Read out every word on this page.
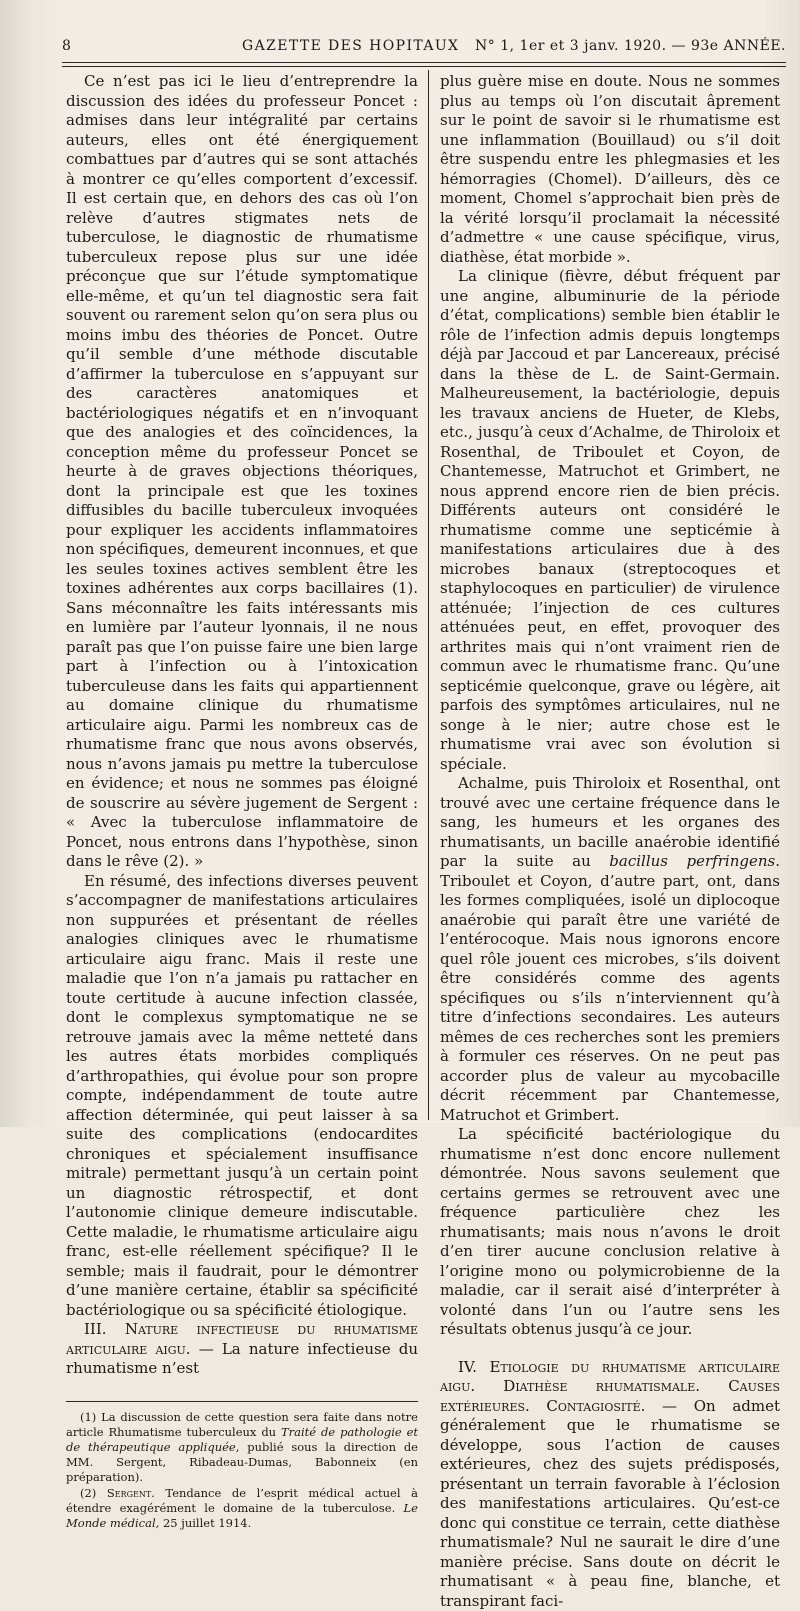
8	GAZETTE DES HOPITAUX N° 1, 1er et 3 janv. 1920. — 93e ANNÉE.

Ce n’est pas ici le lieu d’entreprendre la discussion des idées du professeur Poncet : admises dans leur intégralité par certains auteurs, elles ont été énergiquement combattues par d’autres qui se sont attachés à montrer ce qu’elles comportent d’excessif. Il est certain que, en dehors des cas où l’on relève d’autres stigmates nets de tuberculose, le diagnostic de rhumatisme tuberculeux repose plus sur une idée préconçue que sur l’étude symptomatique elle-même, et qu’un tel diagnostic sera fait souvent ou rarement selon qu’on sera plus ou moins imbu des théories de Poncet. Outre qu’il semble d’une méthode discutable d’affirmer la tuberculose en s’appuyant sur des caractères anatomiques et bactériologiques négatifs et en n’invoquant que des analogies et des coïncidences, la conception même du professeur Poncet se heurte à de graves objections théoriques, dont la principale est que les toxines diffusibles du bacille tuberculeux invoquées pour expliquer les accidents inflammatoires non spécifiques, demeurent inconnues, et que les seules toxines actives semblent être les toxines adhérentes aux corps bacillaires (1). Sans méconnaître les faits intéressants mis en lumière par l’auteur lyonnais, il ne nous paraît pas que l’on puisse faire une bien large part à l’infection ou à l’intoxication tuberculeuse dans les faits qui appartiennent au domaine clinique du rhumatisme articulaire aigu. Parmi les nombreux cas de rhumatisme franc que nous avons observés, nous n’avons jamais pu mettre la tuberculose en évidence; et nous ne sommes pas éloigné de souscrire au sévère jugement de Sergent : « Avec la tuberculose inflammatoire de Poncet, nous entrons dans l’hypothèse, sinon dans le rêve (2). »

En résumé, des infections diverses peuvent s’accompagner de manifestations articulaires non suppurées et présentant de réelles analogies cliniques avec le rhumatisme articulaire aigu franc. Mais il reste une maladie que l’on n’a jamais pu rattacher en toute certitude à aucune infection classée, dont le complexus symptomatique ne se retrouve jamais avec la même netteté dans les autres états morbides compliqués d’arthropathies, qui évolue pour son propre compte, indépendamment de toute autre affection déterminée, qui peut laisser à sa suite des complications (endocardites chroniques et spécialement insuffisance mitrale) permettant jusqu’à un certain point un diagnostic rétrospectif, et dont l’autonomie clinique demeure indiscutable. Cette maladie, le rhumatisme articulaire aigu franc, est-elle réellement spécifique? Il le semble; mais il faudrait, pour le démontrer d’une manière certaine, établir sa spécificité bactériologique ou sa spécificité étiologique.

III. Nature infectieuse du rhumatisme articulaire aigu. — La nature infectieuse du rhumatisme n’est

(1) La discussion de cette question sera faite dans notre article Rhumatisme tuberculeux du Traité de pathologie et de thérapeutique appliquée, publié sous la direction de MM. Sergent, Ribadeau-Dumas, Babonneix (en préparation).

(2) Sergent. Tendance de l’esprit médical actuel à étendre exagérément le domaine de la tuberculose. Le Monde médical, 25 juillet 1914.

plus guère mise en doute. Nous ne sommes plus au temps où l’on discutait âprement sur le point de savoir si le rhumatisme est une inflammation (Bouillaud) ou s’il doit être suspendu entre les phlegmasies et les hémorragies (Chomel). D’ailleurs, dès ce moment, Chomel s’approchait bien près de la vérité lorsqu’il proclamait la nécessité d’admettre « une cause spécifique, virus, diathèse, état morbide ».

La clinique (fièvre, début fréquent par une angine, albuminurie de la période d’état, complications) semble bien établir le rôle de l’infection admis depuis longtemps déjà par Jaccoud et par Lancereaux, précisé dans la thèse de L. de Saint-Germain. Malheureusement, la bactériologie, depuis les travaux anciens de Hueter, de Klebs, etc., jusqu’à ceux d’Achalme, de Thiroloix et Rosenthal, de Triboulet et Coyon, de Chantemesse, Matruchot et Grimbert, ne nous apprend encore rien de bien précis. Différents auteurs ont considéré le rhumatisme comme une septicémie à manifestations articulaires due à des microbes banaux (streptocoques et staphylocoques en particulier) de virulence atténuée; l’injection de ces cultures atténuées peut, en effet, provoquer des arthrites mais qui n’ont vraiment rien de commun avec le rhumatisme franc. Qu’une septicémie quelconque, grave ou légère, ait parfois des symptômes articulaires, nul ne songe à le nier; autre chose est le rhumatisme vrai avec son évolution si spéciale.

Achalme, puis Thiroloix et Rosenthal, ont trouvé avec une certaine fréquence dans le sang, les humeurs et les organes des rhumatisants, un bacille anaérobie identifié par la suite au bacillus perfringens. Triboulet et Coyon, d’autre part, ont, dans les formes compliquées, isolé un diplocoque anaérobie qui paraît être une variété de l’entérocoque. Mais nous ignorons encore quel rôle jouent ces microbes, s’ils doivent être considérés comme des agents spécifiques ou s’ils n’interviennent qu’à titre d’infections secondaires. Les auteurs mêmes de ces recherches sont les premiers à formuler ces réserves. On ne peut pas accorder plus de valeur au mycobacille décrit récemment par Chantemesse, Matruchot et Grimbert.

La spécificité bactériologique du rhumatisme n’est donc encore nullement démontrée. Nous savons seulement que certains germes se retrouvent avec une fréquence particulière chez les rhumatisants; mais nous n’avons le droit d’en tirer aucune conclusion relative à l’origine mono ou polymicrobienne de la maladie, car il serait aisé d’interpréter à volonté dans l’un ou l’autre sens les résultats obtenus jusqu’à ce jour.

IV. Etiologie du rhumatisme articulaire aigu. Diathèse rhumatismale. Causes extérieures. Contagiosité. — On admet généralement que le rhumatisme se développe, sous l’action de causes extérieures, chez des sujets prédisposés, présentant un terrain favorable à l’éclosion des manifestations articulaires. Qu’est-ce donc qui constitue ce terrain, cette diathèse rhumatismale? Nul ne saurait le dire d’une manière précise. Sans doute on décrit le rhumatisant « à peau fine, blanche, et transpirant faci-
